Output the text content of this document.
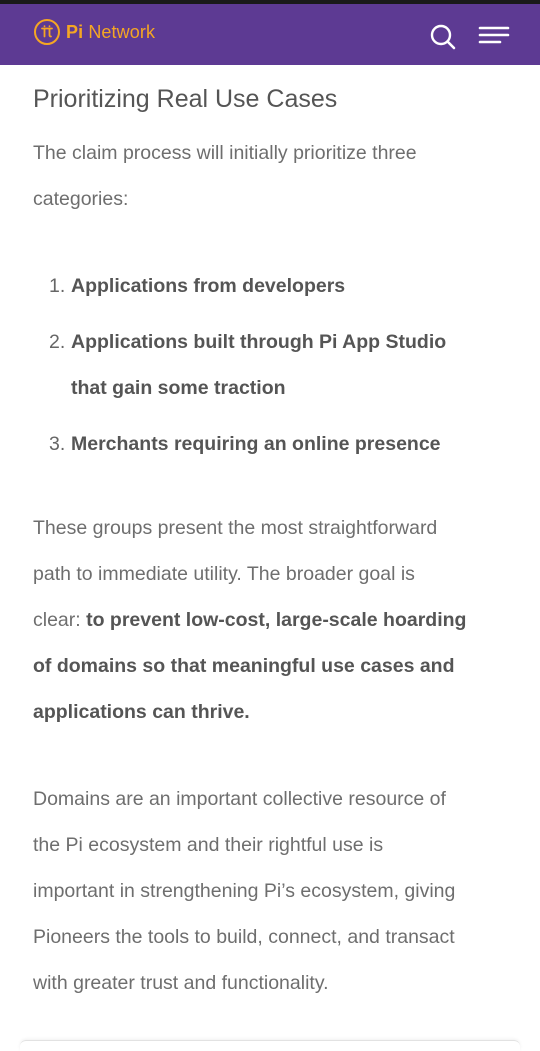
Pi Network
Prioritizing Real Use Cases

The claim process will initially prioritize three
categories:

1. Applications from developers
2. Applications built through Pi App Studio
that gain some traction
3. Merchants requiring an online presence

These groups present the most straightforward
path to immediate utility. The broader goal is
clear: to prevent low-cost, large-scale hoarding
of domains so that meaningful use cases and
applications can thrive.

Domains are an important collective resource of
the Pi ecosystem and their rightful use is
important in strengthening Pi’s ecosystem, giving
Pioneers the tools to build, connect, and transact
with greater trust and functionality.
